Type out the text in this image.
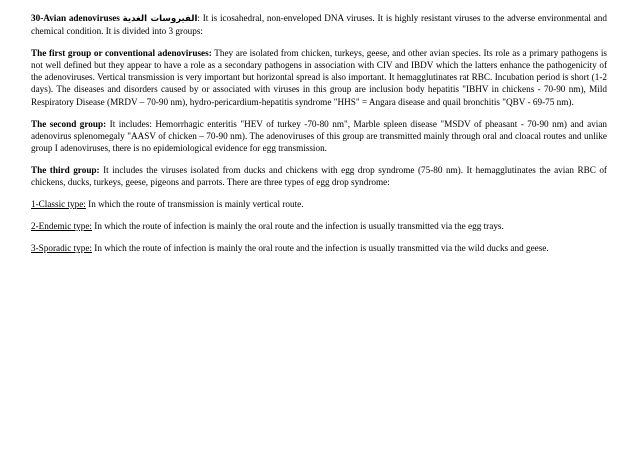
30-Avian adenoviruses الفيروسات الغدية: It is icosahedral, non-enveloped DNA viruses. It is highly resistant viruses to the adverse environmental and chemical condition. It is divided into 3 groups:

The first group or conventional adenoviruses: They are isolated from chicken, turkeys, geese, and other avian species. Its role as a primary pathogens is not well defined but they appear to have a role as a secondary pathogens in association with CIV and IBDV which the latters enhance the pathogenicity of the adenoviruses. Vertical transmission is very important but horizontal spread is also important. It hemagglutinates rat RBC. Incubation period is short (1-2 days). The diseases and disorders caused by or associated with viruses in this group are inclusion body hepatitis "IBHV in chickens - 70-90 nm), Mild Respiratory Disease (MRDV – 70-90 nm), hydro-pericardium-hepatitis syndrome "HHS" = Angara disease and quail bronchitis "QBV - 69-75 nm).

The second group: It includes: Hemorrhagic enteritis "HEV of turkey -70-80 nm", Marble spleen disease "MSDV of pheasant - 70-90 nm) and avian adenovirus splenomegaly "AASV of chicken – 70-90 nm). The adenoviruses of this group are transmitted mainly through oral and cloacal routes and unlike group I adenoviruses, there is no epidemiological evidence for egg transmission.

The third group: It includes the viruses isolated from ducks and chickens with egg drop syndrome (75-80 nm). It hemagglutinates the avian RBC of chickens, ducks, turkeys, geese, pigeons and parrots. There are three types of egg drop syndrome:

1-Classic type: In which the route of transmission is mainly vertical route.

2-Endemic type: In which the route of infection is mainly the oral route and the infection is usually transmitted via the egg trays.

3-Sporadic type: In which the route of infection is mainly the oral route and the infection is usually transmitted via the wild ducks and geese.
